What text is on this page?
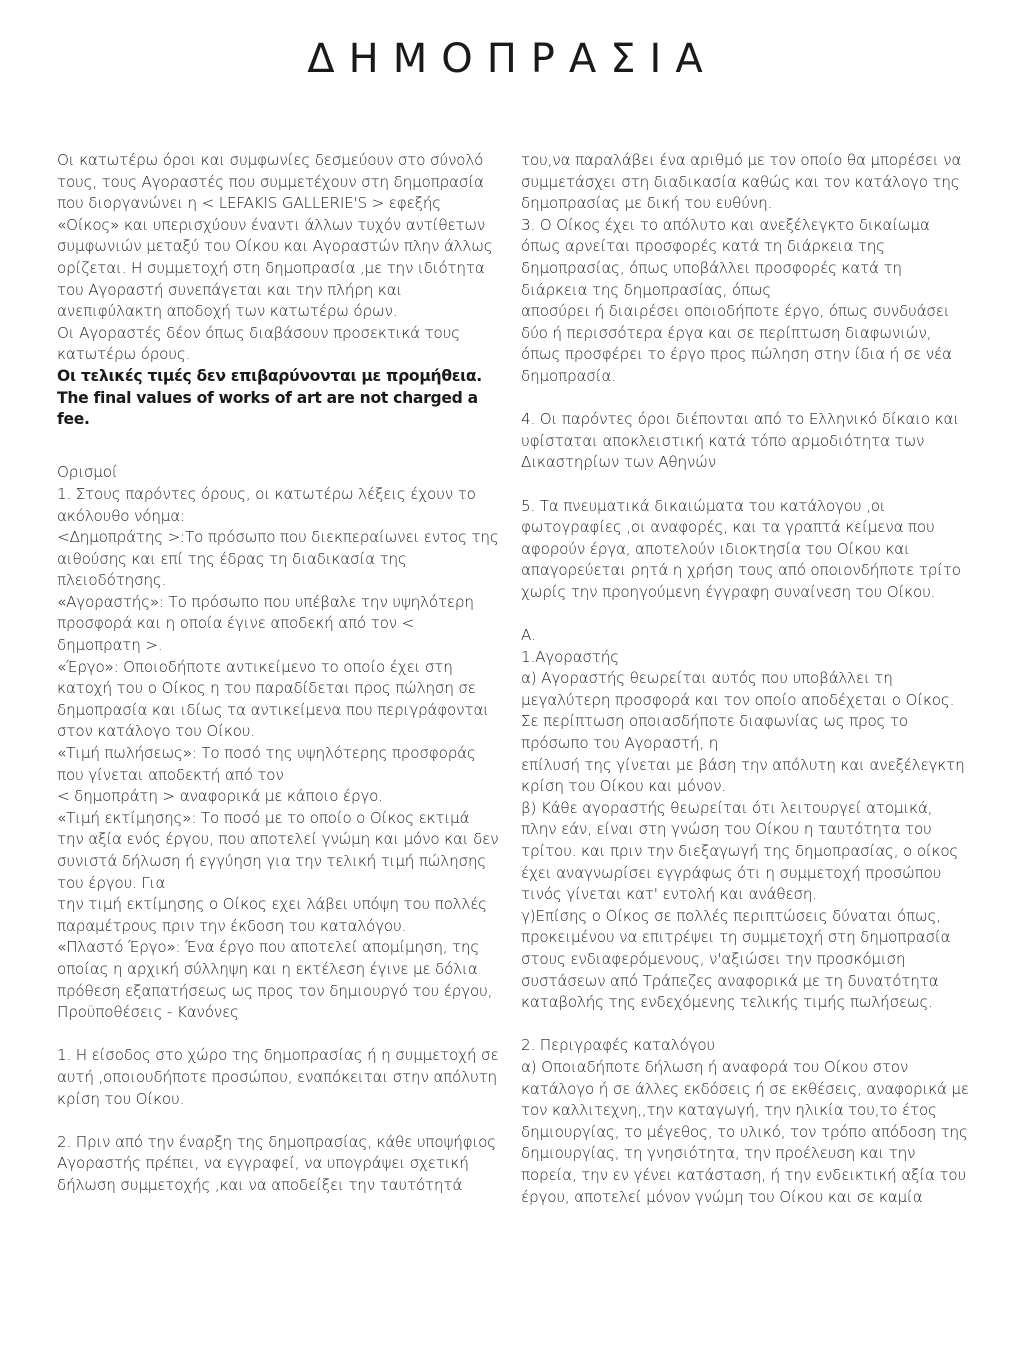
ΔΗΜΟΠΡΑΣΙΑ

Οι κατωτέρω όροι και συμφωνίες δεσμεύουν στο σύνολό τους, τους Αγοραστές που συμμετέχουν στη δημοπρασία που διοργανώνει η < LEFAKIS GALLERIE'S > εφεξής «Οίκος» και υπερισχύουν έναντι άλλων τυχόν αντίθετων συμφωνιών μεταξύ του Οίκου και Αγοραστών πλην άλλως ορίζεται. Η συμμετοχή στη δημοπρασία ,με την ιδιότητα του Αγοραστή συνεπάγεται και την πλήρη και ανεπιφύλακτη αποδοχή των κατωτέρω όρων.

Οι Αγοραστές δέον όπως διαβάσουν προσεκτικά τους κατωτέρω όρους.

Οι τελικές τιμές δεν επιβαρύνονται με προμήθεια.

The final values of works of art are not charged a fee.

Ορισμοί

1. Στους παρόντες όρους, οι κατωτέρω λέξεις έχουν το ακόλουθο νόημα:

<Δημοπράτης >:Το πρόσωπο που διεκπεραίωνει εντος της αιθούσης και επί της έδρας τη διαδικασία της πλειοδότησης.

«Αγοραστής»: Το πρόσωπο που υπέβαλε την υψηλότερη προσφορά και η οποία έγινε αποδεκή από τον < δημοπρατη >.

«Έργο»: Οποιοδήποτε αντικείμενο το οποίο έχει στη κατοχή του ο Οίκος η του παραδίδεται προς πώληση σε δημοπρασία και ιδίως τα αντικείμενα που περιγράφονται στον κατάλογο του Οίκου.

«Τιμή πωλήσεως»: Το ποσό της υψηλότερης προσφοράς που γίνεται αποδεκτή από τον

< δημοπράτη > αναφορικά με κάποιο έργο.

«Τιμή εκτίμησης»: Το ποσό με το οποίο ο Οίκος εκτιμά την αξία ενός έργου, που αποτελεί γνώμη και μόνο και δεν συνιστά δήλωση ή εγγύηση για την τελική τιμή πώλησης του έργου. Για

την τιμή εκτίμησης ο Οίκος εχει λάβει υπόψη του πολλές παραμέτρους πριν την έκδοση του καταλόγου.

«Πλαστό Έργο»: Ένα έργο που αποτελεί απομίμηση, της οποίας η αρχική σύλληψη και η εκτέλεση έγινε με δόλια πρόθεση εξαπατήσεως ως προς τον δημιουργό του έργου,

Προϋποθέσεις - Κανόνες

1. Η είσοδος στο χώρο της δημοπρασίας ή η συμμετοχή σε αυτή ,οποιουδήποτε προσώπου, εναπόκειται στην απόλυτη κρίση του Οίκου.

2. Πριν από την έναρξη της δημοπρασίας, κάθε υποψήφιος Αγοραστής πρέπει, να εγγραφεί, να υπογράψει σχετική δήλωση συμμετοχής ,και να αποδείξει την ταυτότητά

του,να παραλάβει ένα αριθμό με τον οποίο θα μπορέσει να συμμετάσχει στη διαδικασία καθώς και τον κατάλογο της δημοπρασίας με δική του ευθύνη.

3. Ο Οίκος έχει το απόλυτο και ανεξέλεγκτο δικαίωμα όπως αρνείται προσφορές κατά τη διάρκεια της δημοπρασίας, όπως υποβάλλει προσφορές κατά τη διάρκεια της δημοπρασίας, όπως

αποσύρει ή διαιρέσει οποιοδήποτε έργο, όπως συνδυάσει δύο ή περισσότερα έργα και σε περίπτωση διαφωνιών, όπως προσφέρει το έργο προς πώληση στην ίδια ή σε νέα δημοπρασία.

4. Οι παρόντες όροι διέπονται από το Ελληνικό δίκαιο και υφίσταται αποκλειστική κατά τόπο αρμοδιότητα των Δικαστηρίων των Αθηνών

5. Τα πνευματικά δικαιώματα του κατάλογου ,οι φωτογραφίες ,οι αναφορές, και τα γραπτά κείμενα που αφορούν έργα, αποτελούν ιδιοκτησία του Οίκου και απαγορεύεται ρητά η χρήση τους από οποιονδήποτε τρίτο χωρίς την προηγούμενη έγγραφη συναίνεση του Οίκου.

Α.

1.Αγοραστής

α) Αγοραστής θεωρείται αυτός που υποβάλλει τη μεγαλύτερη προσφορά και τον οποίο αποδέχεται ο Οίκος. Σε περίπτωση οποιασδήποτε διαφωνίας ως προς το πρόσωπο του Αγοραστή, η

επίλυσή της γίνεται με βάση την απόλυτη και ανεξέλεγκτη κρίση του Οίκου και μόνον.

β) Κάθε αγοραστής θεωρείται ότι λειτουργεί ατομικά, πλην εάν, είναι στη γνώση του Οίκου η ταυτότητα του τρίτου. και πριν την διεξαγωγή της δημοπρασίας, ο οίκος έχει αναγνωρίσει εγγράφως ότι η συμμετοχή προσώπου τινός γίνεται κατ' εντολή και ανάθεση.

γ)Επίσης ο Οίκος σε πολλές περιπτώσεις δύναται όπως, προκειμένου να επιτρέψει τη συμμετοχή στη δημοπρασία στους ενδιαφερόμενους, ν'αξιώσει την προσκόμιση συστάσεων από Τράπεζες αναφορικά με τη δυνατότητα καταβολής της ενδεχόμενης τελικής τιμής πωλήσεως.

2. Περιγραφές καταλόγου

α) Οποιαδήποτε δήλωση ή αναφορά του Οίκου στον κατάλογο ή σε άλλες εκδόσεις ή σε εκθέσεις, αναφορικά με τον καλλιτεχνη,,την καταγωγή, την ηλικία του,το έτος δημιουργίας, το μέγεθος, το υλικό, τον τρόπο απόδοση της δημιουργίας, τη γνησιότητα, την προέλευση και την πορεία, την εν γένει κατάσταση, ή την ενδεικτική αξία του έργου, αποτελεί μόνον γνώμη του Οίκου και σε καμία
